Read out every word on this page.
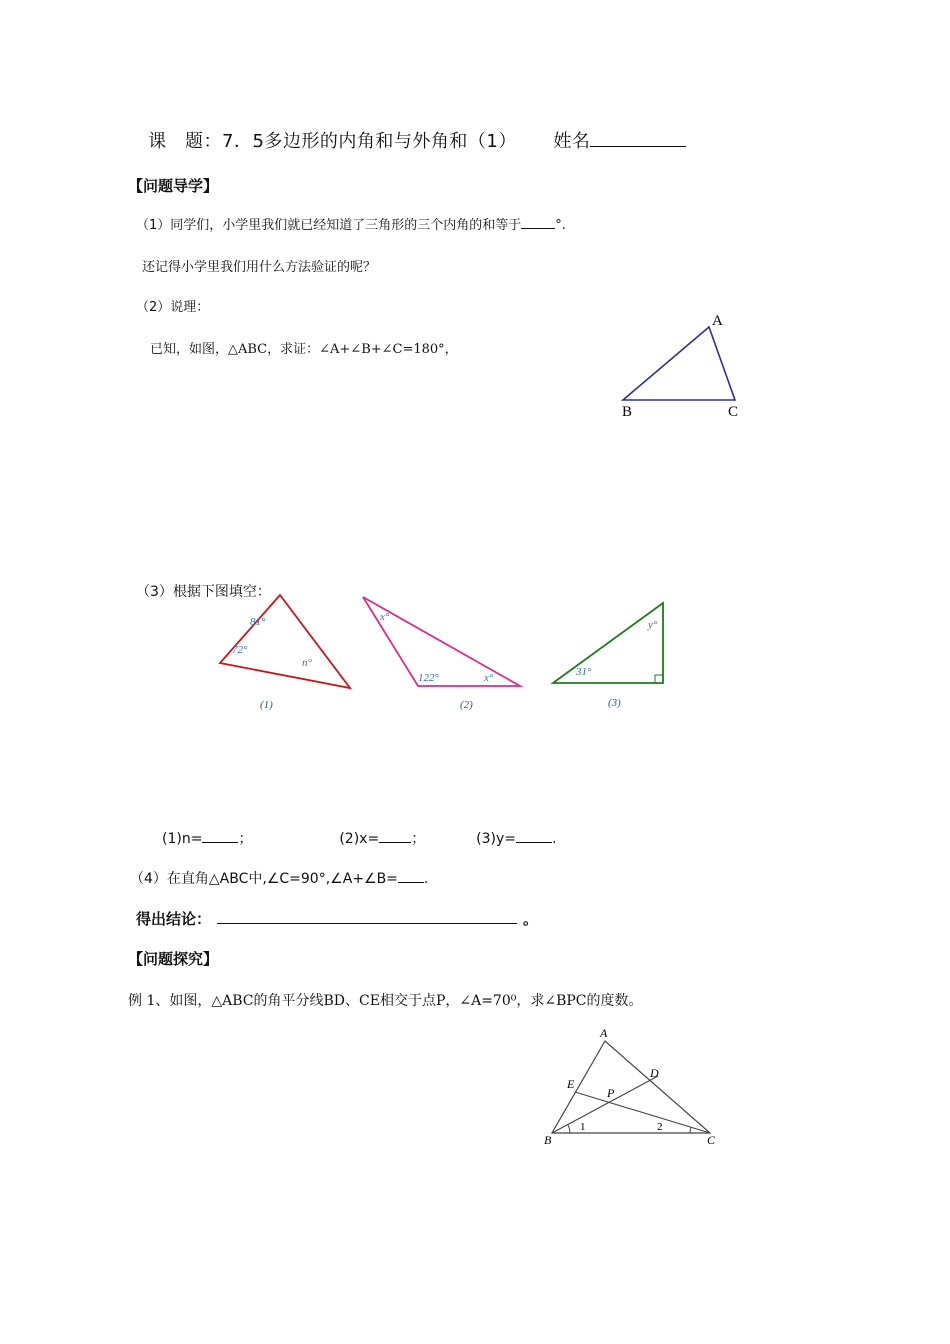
课　题：7．5多边形的内角和与外角和（1） 姓名
【问题导学】
（1）同学们，小学里我们就已经知道了三角形的三个内角的和等于	°.
还记得小学里我们用什么方法验证的呢？
（2）说理：
已知，如图，△ABC，求证：∠A+∠B+∠C=180°，
A
B	C
（3）根据下图填空：
81°
72°
n°
(1)
x°
122°	x°
(2)
y°
31°
(3)
(1)n=	；	(2)x= ；	(3)y=	.
（4）在直角△ABC中,∠C=90°,∠A+∠B= .
得出结论：	。
【问题探究】
例 1、如图，△ABC的角平分线BD、CE相交于点P，∠A=70⁰，求∠BPC的度数。
A
B	C
D
E
P
1	2
